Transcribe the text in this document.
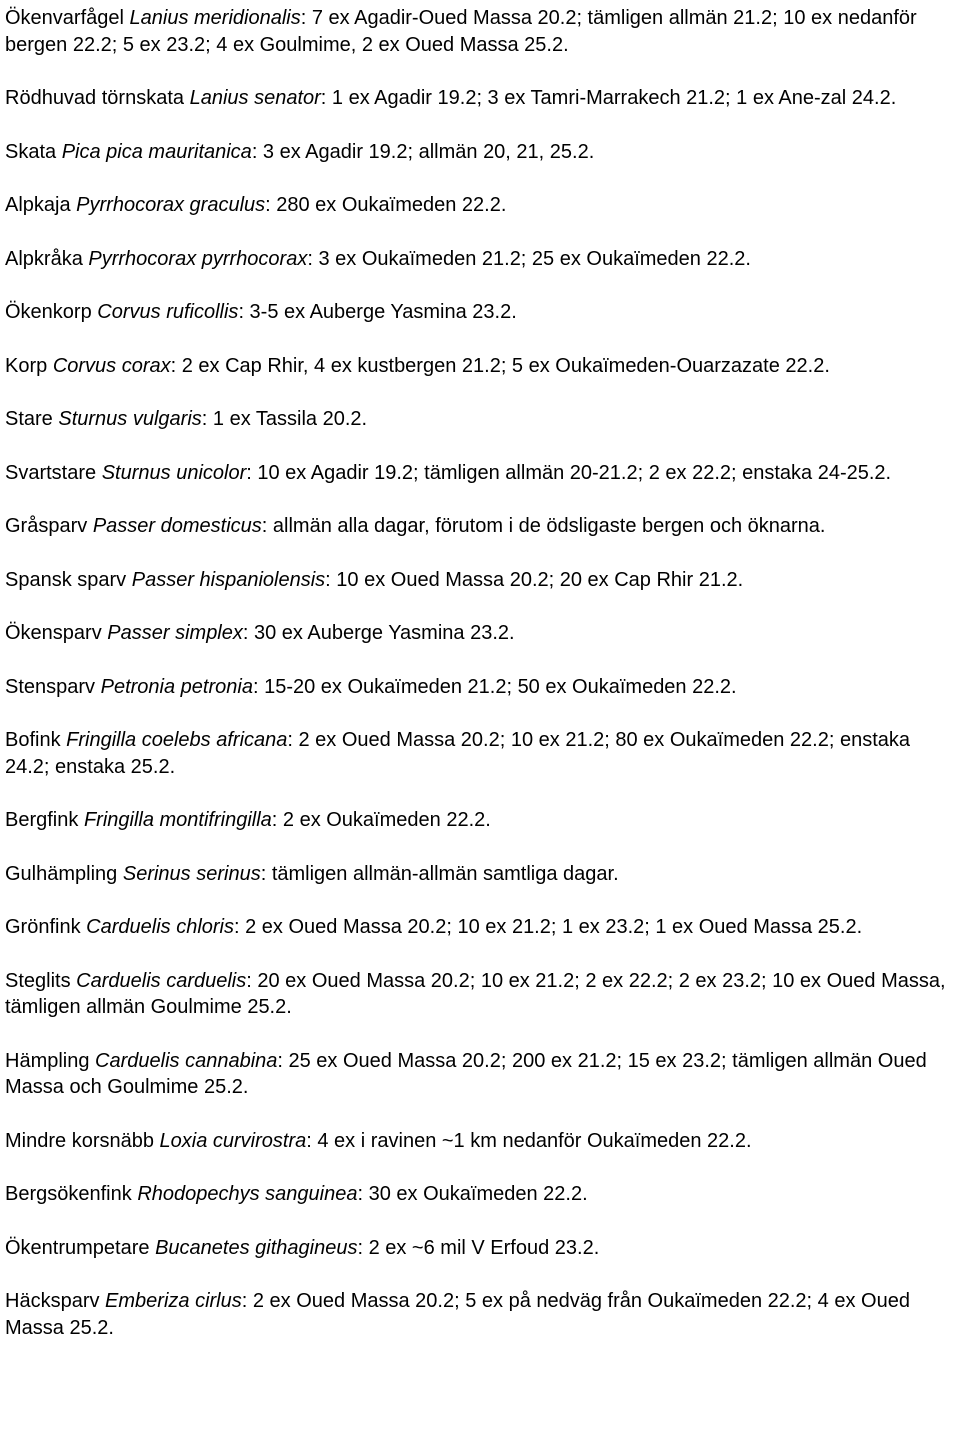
Ökenvarfågel Lanius meridionalis: 7 ex Agadir-Oued Massa 20.2; tämligen allmän 21.2; 10 ex nedanför bergen 22.2; 5 ex 23.2; 4 ex Goulmime, 2 ex Oued Massa 25.2.
Rödhuvad törnskata Lanius senator: 1 ex Agadir 19.2; 3 ex Tamri-Marrakech 21.2; 1 ex Ane-zal 24.2.
Skata Pica pica mauritanica: 3 ex Agadir 19.2; allmän 20, 21, 25.2.
Alpkaja Pyrrhocorax graculus: 280 ex Oukaïmeden 22.2.
Alpkråka Pyrrhocorax pyrrhocorax: 3 ex Oukaïmeden 21.2; 25 ex Oukaïmeden 22.2.
Ökenkorp Corvus ruficollis: 3-5 ex Auberge Yasmina 23.2.
Korp Corvus corax: 2 ex Cap Rhir, 4 ex kustbergen 21.2; 5 ex Oukaïmeden-Ouarzazate 22.2.
Stare Sturnus vulgaris: 1 ex Tassila 20.2.
Svartstare Sturnus unicolor: 10 ex Agadir 19.2; tämligen allmän 20-21.2; 2 ex 22.2; enstaka 24-25.2.
Gråsparv Passer domesticus: allmän alla dagar, förutom i de ödsligaste bergen och öknarna.
Spansk sparv Passer hispaniolensis: 10 ex Oued Massa 20.2; 20 ex Cap Rhir 21.2.
Ökensparv Passer simplex: 30 ex Auberge Yasmina 23.2.
Stensparv Petronia petronia: 15-20 ex Oukaïmeden 21.2; 50 ex Oukaïmeden 22.2.
Bofink Fringilla coelebs africana: 2 ex Oued Massa 20.2; 10 ex 21.2; 80 ex Oukaïmeden 22.2; enstaka 24.2; enstaka 25.2.
Bergfink Fringilla montifringilla: 2 ex Oukaïmeden 22.2.
Gulhämpling Serinus serinus: tämligen allmän-allmän samtliga dagar.
Grönfink Carduelis chloris: 2 ex Oued Massa 20.2; 10 ex 21.2; 1 ex 23.2; 1 ex Oued Massa 25.2.
Steglits Carduelis carduelis: 20 ex Oued Massa 20.2; 10 ex 21.2; 2 ex 22.2; 2 ex 23.2; 10 ex Oued Massa, tämligen allmän Goulmime 25.2.
Hämpling Carduelis cannabina: 25 ex Oued Massa 20.2; 200 ex 21.2; 15 ex 23.2; tämligen allmän Oued Massa och Goulmime 25.2.
Mindre korsnäbb Loxia curvirostra: 4 ex i ravinen ~1 km nedanför Oukaïmeden 22.2.
Bergsökenfink Rhodopechys sanguinea: 30 ex Oukaïmeden 22.2.
Ökentrumpetare Bucanetes githagineus: 2 ex ~6 mil V Erfoud 23.2.
Häcksparv Emberiza cirlus: 2 ex Oued Massa 20.2; 5 ex på nedväg från Oukaïmeden 22.2; 4 ex Oued Massa 25.2.
